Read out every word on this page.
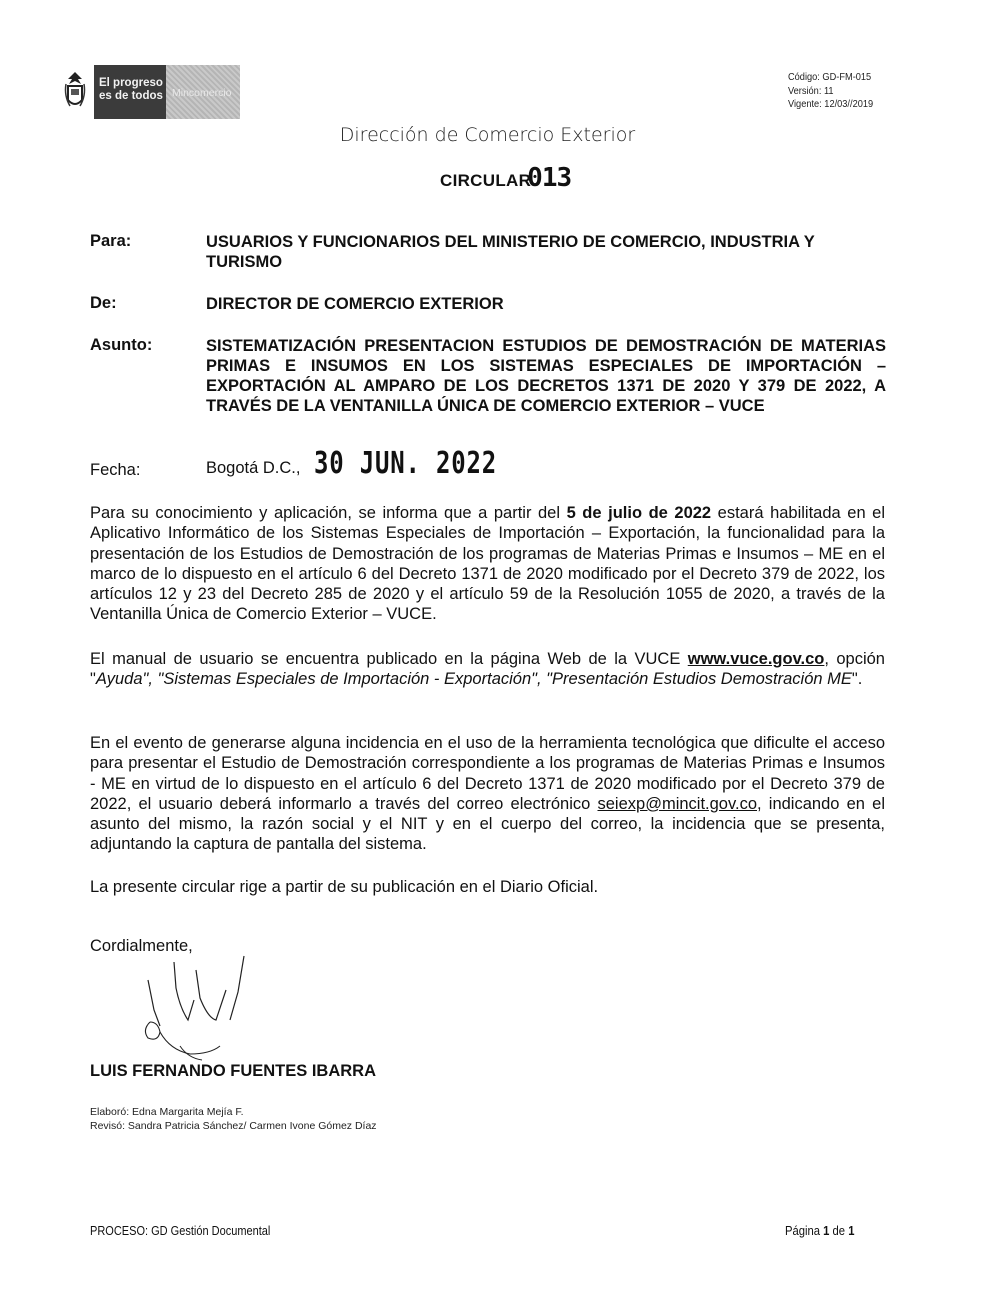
El progreso
es de todos Mincomercio
Código: GD-FM-015
Versión: 11
Vigente: 12/03//2019
Dirección de Comercio Exterior
CIRCULAR
013
Para:	USUARIOS Y FUNCIONARIOS DEL MINISTERIO DE COMERCIO, INDUSTRIA Y TURISMO
De:	DIRECTOR DE COMERCIO EXTERIOR
Asunto:	SISTEMATIZACIÓN PRESENTACION ESTUDIOS DE DEMOSTRACIÓN DE MATERIAS PRIMAS E INSUMOS EN LOS SISTEMAS ESPECIALES DE IMPORTACIÓN – EXPORTACIÓN AL AMPARO DE LOS DECRETOS 1371 DE 2020 Y 379 DE 2022, A TRAVÉS DE LA VENTANILLA ÚNICA DE COMERCIO EXTERIOR – VUCE
Fecha:	Bogotá D.C., 30 JUN. 2022
Para su conocimiento y aplicación, se informa que a partir del 5 de julio de 2022 estará habilitada en el Aplicativo Informático de los Sistemas Especiales de Importación – Exportación, la funcionalidad para la presentación de los Estudios de Demostración de los programas de Materias Primas e Insumos – ME en el marco de lo dispuesto en el artículo 6 del Decreto 1371 de 2020 modificado por el Decreto 379 de 2022, los artículos 12 y 23 del Decreto 285 de 2020 y el artículo 59 de la Resolución 1055 de 2020, a través de la Ventanilla Única de Comercio Exterior – VUCE.
El manual de usuario se encuentra publicado en la página Web de la VUCE www.vuce.gov.co, opción "Ayuda", "Sistemas Especiales de Importación - Exportación", "Presentación Estudios Demostración ME".
En el evento de generarse alguna incidencia en el uso de la herramienta tecnológica que dificulte el acceso para presentar el Estudio de Demostración correspondiente a los programas de Materias Primas e Insumos - ME en virtud de lo dispuesto en el artículo 6 del Decreto 1371 de 2020 modificado por el Decreto 379 de 2022, el usuario deberá informarlo a través del correo electrónico seiexp@mincit.gov.co, indicando en el asunto del mismo, la razón social y el NIT y en el cuerpo del correo, la incidencia que se presenta, adjuntando la captura de pantalla del sistema.
La presente circular rige a partir de su publicación en el Diario Oficial.
Cordialmente,
LUIS FERNANDO FUENTES IBARRA
Elaboró: Edna Margarita Mejía F.
Revisó: Sandra Patricia Sánchez/ Carmen Ivone Gómez Díaz
PROCESO: GD Gestión Documental	Página 1 de 1
